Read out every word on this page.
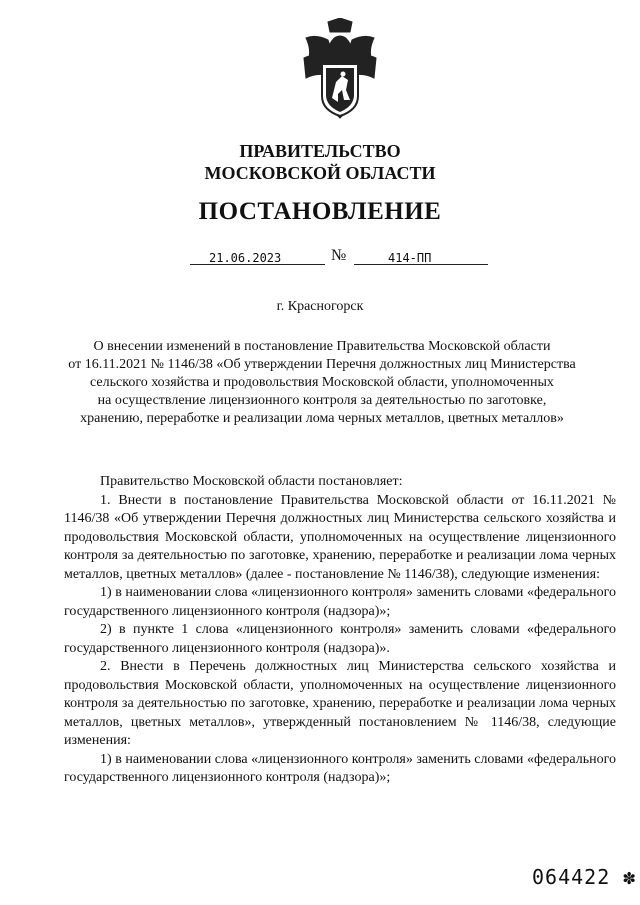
ПРАВИТЕЛЬСТВО
МОСКОВСКОЙ ОБЛАСТИ
ПОСТАНОВЛЕНИЕ
21.06.2023	№	414-ПП
г. Красногорск
О внесении изменений в постановление Правительства Московской области
от 16.11.2021 № 1146/38 «Об утверждении Перечня должностных лиц Министерства
сельского хозяйства и продовольствия Московской области, уполномоченных
на осуществление лицензионного контроля за деятельностью по заготовке,
хранению, переработке и реализации лома черных металлов, цветных металлов»

Правительство Московской области постановляет:

1. Внести в постановление Правительства Московской области от 16.11.2021 № 1146/38 «Об утверждении Перечня должностных лиц Министерства сельского хозяйства и продовольствия Московской области, уполномоченных на осуществление лицензионного контроля за деятельностью по заготовке, хранению, переработке и реализации лома черных металлов, цветных металлов» (далее - постановление № 1146/38), следующие изменения:

1) в наименовании слова «лицензионного контроля» заменить словами «федерального государственного лицензионного контроля (надзора)»;

2) в пункте 1 слова «лицензионного контроля» заменить словами «федерального государственного лицензионного контроля (надзора)».

2. Внести в Перечень должностных лиц Министерства сельского хозяйства и продовольствия Московской области, уполномоченных на осуществление лицензионного контроля за деятельностью по заготовке, хранению, переработке и реализации лома черных металлов, цветных металлов», утвержденный постановлением № 1146/38, следующие изменения:

1) в наименовании слова «лицензионного контроля» заменить словами «федерального государственного лицензионного контроля (надзора)»;

064422 ✽
